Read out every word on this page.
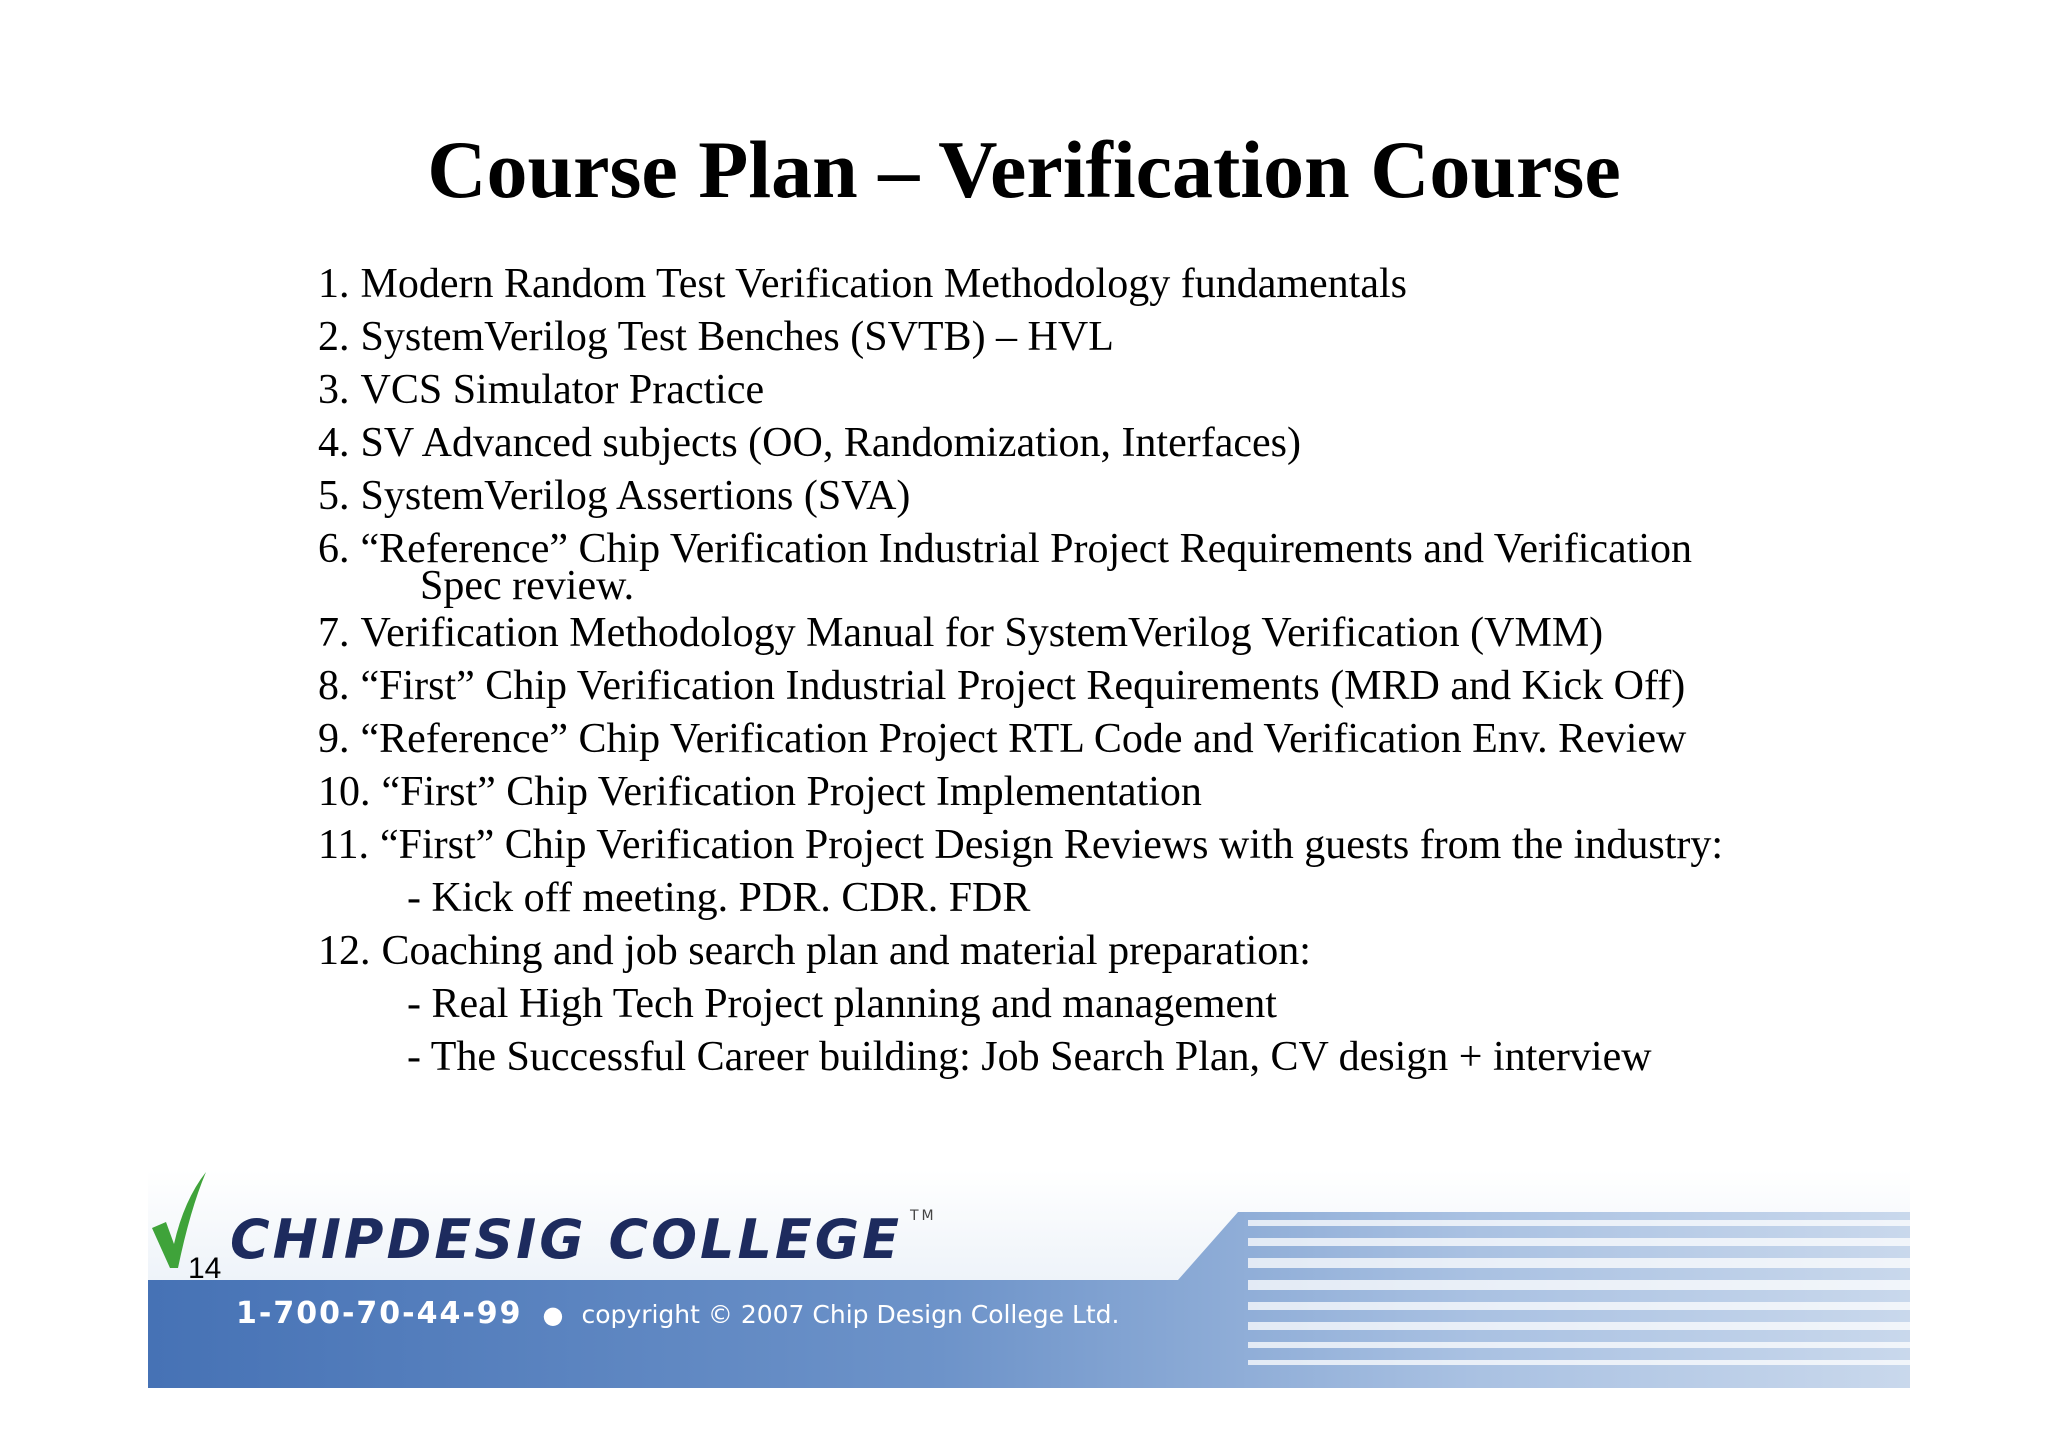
Course Plan – Verification Course
1. Modern Random Test Verification Methodology fundamentals
2. SystemVerilog Test Benches (SVTB) – HVL
3. VCS Simulator Practice
4. SV Advanced subjects (OO, Randomization, Interfaces)
5. SystemVerilog Assertions (SVA)
6. “Reference” Chip Verification Industrial Project Requirements and Verification
Spec review.
7. Verification Methodology Manual for SystemVerilog Verification (VMM)
8. “First” Chip Verification Industrial Project Requirements (MRD and Kick Off)
9. “Reference” Chip Verification Project RTL Code and Verification Env. Review
10. “First” Chip Verification Project Implementation
11. “First” Chip Verification Project Design Reviews with guests from the industry:
- Kick off meeting. PDR. CDR. FDR
12. Coaching and job search plan and material preparation:
- Real High Tech Project planning and management
- The Successful Career building: Job Search Plan, CV design + interview
CHIPDESIG COLLEGE ™
1-700-70-44-99 ● copyright © 2007 Chip Design College Ltd.
14
